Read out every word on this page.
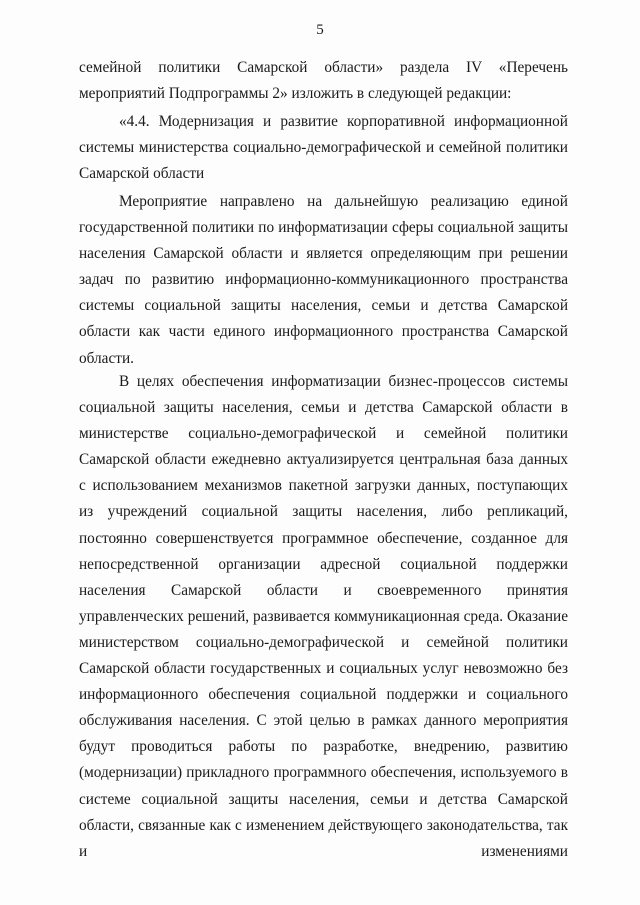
5

семейной политики Самарской области» раздела IV «Перечень мероприятий Подпрограммы 2» изложить в следующей редакции:

«4.4. Модернизация и развитие корпоративной информационной системы министерства социально-демографической и семейной политики Самарской области

Мероприятие направлено на дальнейшую реализацию единой государственной политики по информатизации сферы социальной защиты населения Самарской области и является определяющим при решении задач по развитию информационно-коммуникационного пространства системы социальной защиты населения, семьи и детства Самарской области как части единого информационного пространства Самарской области.

В целях обеспечения информатизации бизнес-процессов системы социальной защиты населения, семьи и детства Самарской области в министерстве социально-демографической и семейной политики Самарской области ежедневно актуализируется центральная база данных с использованием механизмов пакетной загрузки данных, поступающих из учреждений социальной защиты населения, либо репликаций, постоянно совершенствуется программное обеспечение, созданное для непосредственной организации адресной социальной поддержки населения Самарской области и своевременного принятия управленческих решений, развивается коммуникационная среда. Оказание министерством социально-демографической и семейной политики Самарской области государственных и социальных услуг невозможно без информационного обеспечения социальной поддержки и социального обслуживания населения. С этой целью в рамках данного мероприятия будут проводиться работы по разработке, внедрению, развитию (модернизации) прикладного программного обеспечения, используемого в системе социальной защиты населения, семьи и детства Самарской области, связанные как с изменением действующего законодательства, так и изменениями
